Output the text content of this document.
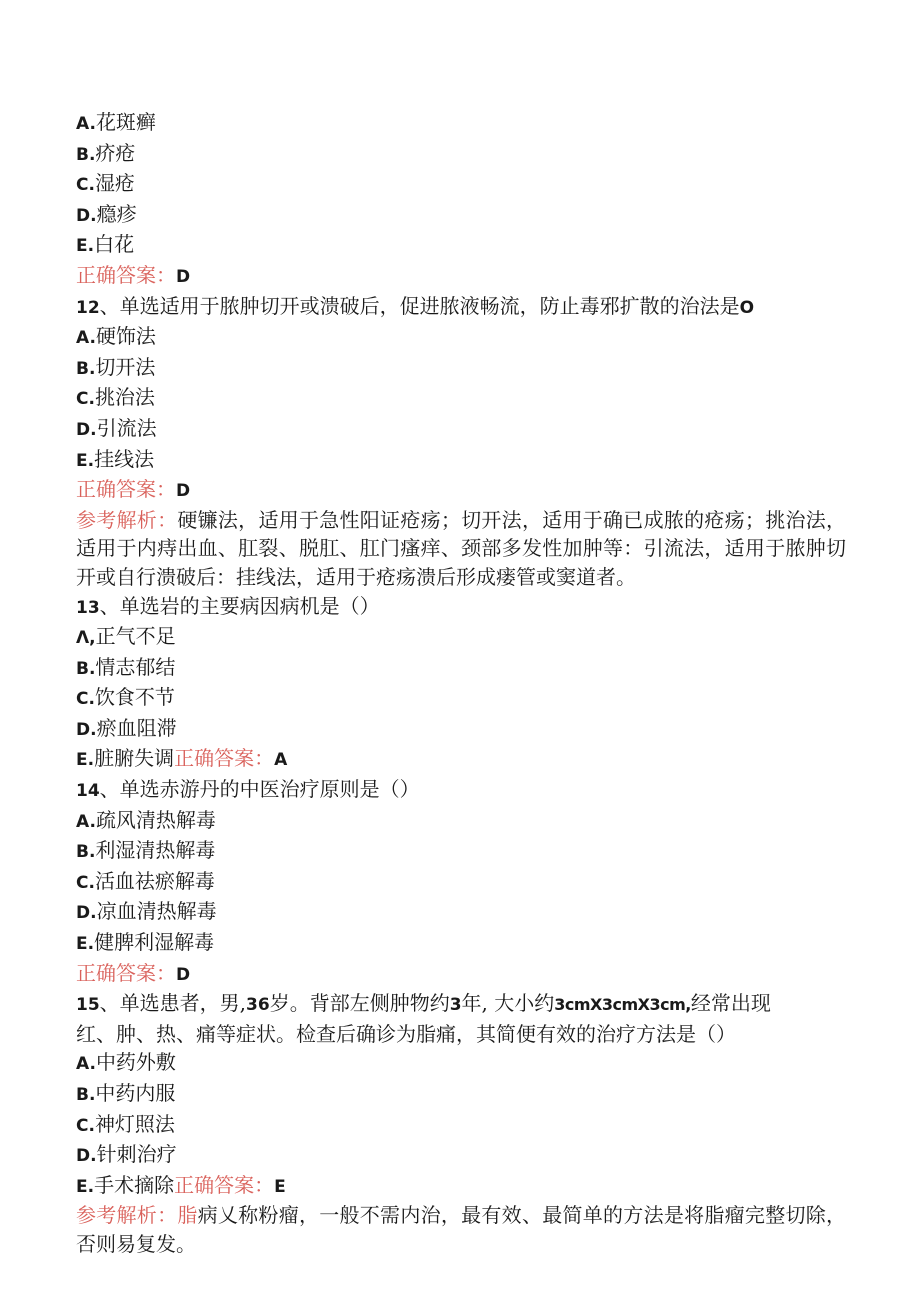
A.花斑癣
B.疥疮
C.湿疮
D.瘾疹
E.白花
正确答案：D
12、单选适用于脓肿切开或溃破后，促进脓液畅流，防止毒邪扩散的治法是O
A.硬饰法
B.切开法
C.挑治法
D.引流法
E.挂线法
正确答案：D
参考解析：硬镰法，适用于急性阳证疮疡；切开法，适用于确已成脓的疮疡；挑治法，适用于内痔出血、肛裂、脱肛、肛门瘙痒、颈部多发性加肿等：引流法，适用于脓肿切开或自行溃破后：挂线法，适用于疮疡溃后形成瘘管或窦道者。
13、单选岩的主要病因病机是（）
Λ,正气不足
B.情志郁结
C.饮食不节
D.瘀血阻滞
E.脏腑失调正确答案：A
14、单选赤游丹的中医治疗原则是（）
A.疏风清热解毒
B.利湿清热解毒
C.活血祛瘀解毒
D.凉血清热解毒
E.健脾利湿解毒
正确答案：D
15、单选患者，男,36岁。背部左侧肿物约3年, 大小约3cmX3cmX3cm,经常出现
红、肿、热、痛等症状。检查后确诊为脂痛，其简便有效的治疗方法是（）
A.中药外敷
B.中药内服
C.神灯照法
D.针刺治疗
E.手术摘除正确答案：E
参考解析：脂病乂称粉瘤，一般不需内治，最有效、最简单的方法是将脂瘤完整切除，否则易复发。
